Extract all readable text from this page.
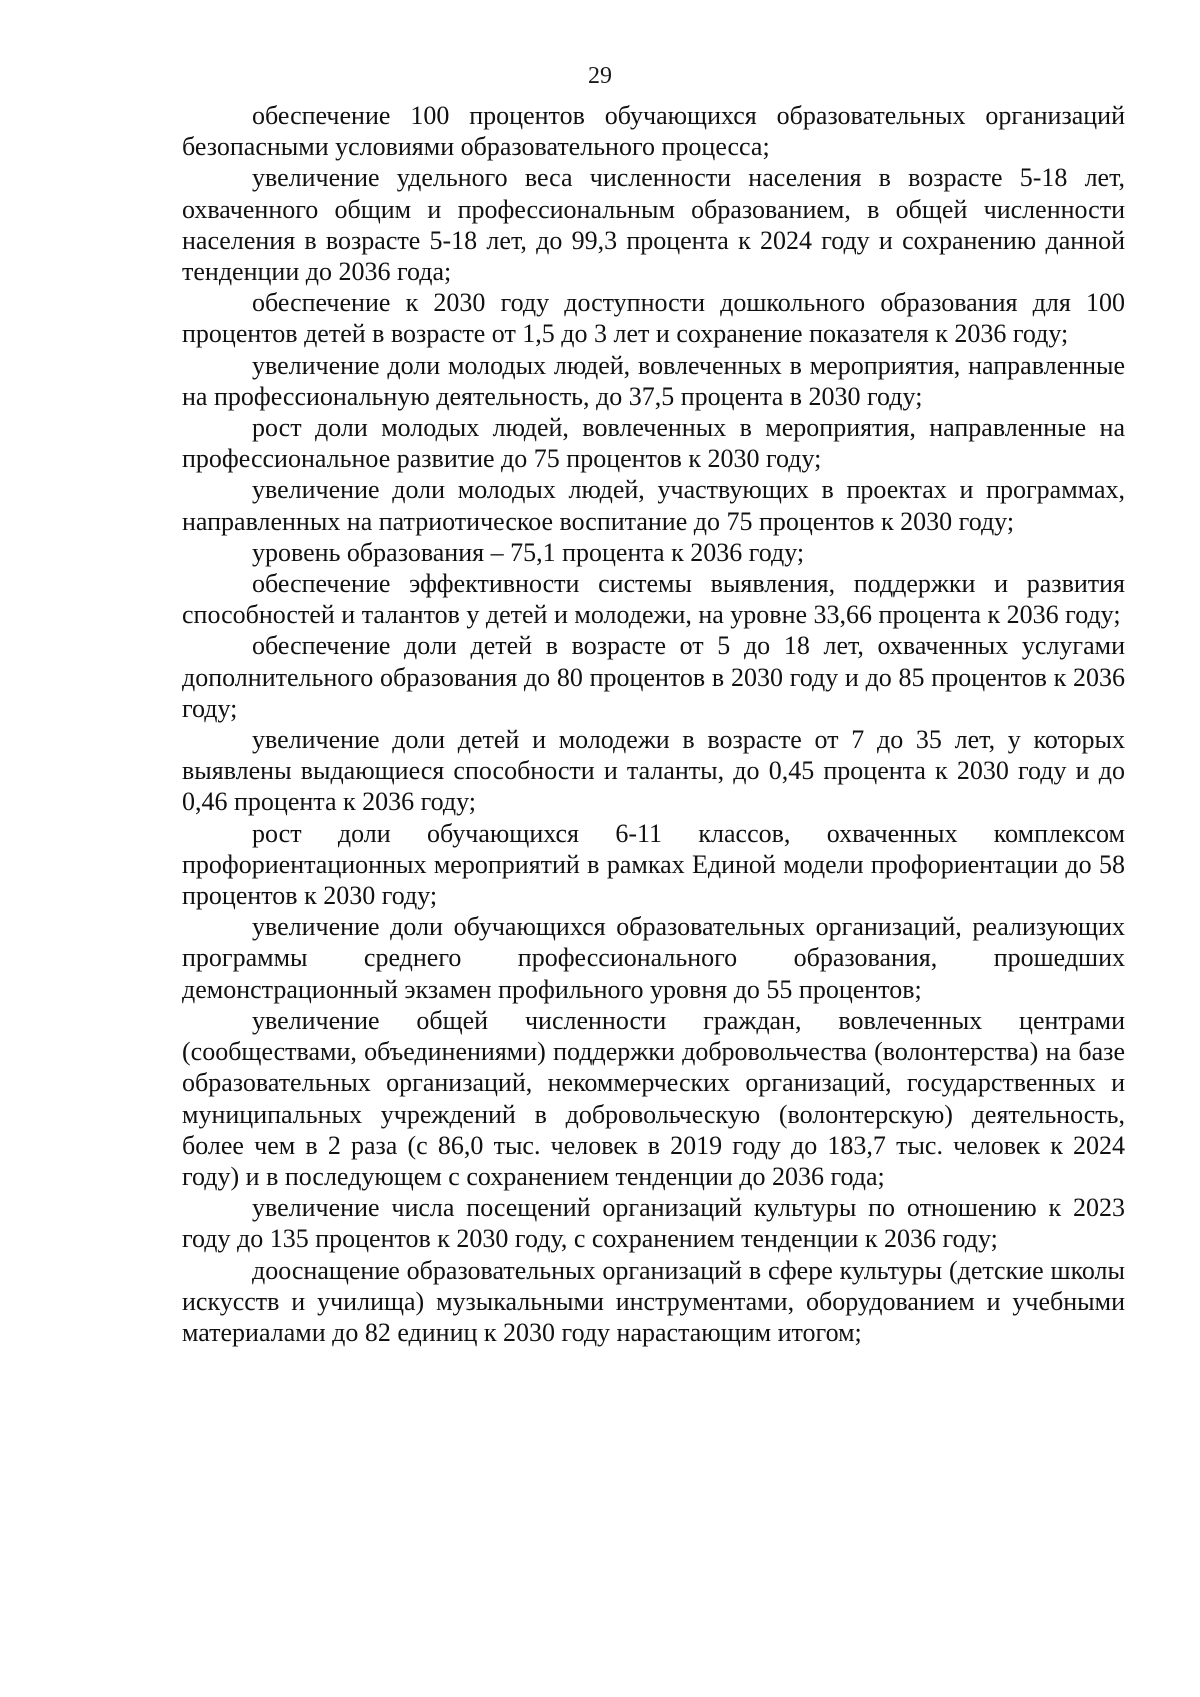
29

обеспечение 100 процентов обучающихся образовательных организаций безопасными условиями образовательного процесса;

увеличение удельного веса численности населения в возрасте 5-18 лет, охваченного общим и профессиональным образованием, в общей численности населения в возрасте 5-18 лет, до 99,3 процента к 2024 году и сохранению данной тенденции до 2036 года;

обеспечение к 2030 году доступности дошкольного образования для 100 процентов детей в возрасте от 1,5 до 3 лет и сохранение показателя к 2036 году;

увеличение доли молодых людей, вовлеченных в мероприятия, направленные на профессиональную деятельность, до 37,5 процента в 2030 году;

рост доли молодых людей, вовлеченных в мероприятия, направленные на профессиональное развитие до 75 процентов к 2030 году;

увеличение доли молодых людей, участвующих в проектах и программах, направленных на патриотическое воспитание до 75 процентов к 2030 году;

уровень образования – 75,1 процента к 2036 году;

обеспечение эффективности системы выявления, поддержки и развития способностей и талантов у детей и молодежи, на уровне 33,66 процента к 2036 году;

обеспечение доли детей в возрасте от 5 до 18 лет, охваченных услугами дополнительного образования до 80 процентов в 2030 году и до 85 процентов к 2036 году;

увеличение доли детей и молодежи в возрасте от 7 до 35 лет, у которых выявлены выдающиеся способности и таланты, до 0,45 процента к 2030 году и до 0,46 процента к 2036 году;

рост доли обучающихся 6-11 классов, охваченных комплексом профориентационных мероприятий в рамках Единой модели профориентации до 58 процентов к 2030 году;

увеличение доли обучающихся образовательных организаций, реализующих программы среднего профессионального образования, прошедших демонстрационный экзамен профильного уровня до 55 процентов;

увеличение общей численности граждан, вовлеченных центрами (сообществами, объединениями) поддержки добровольчества (волонтерства) на базе образовательных организаций, некоммерческих организаций, государственных и муниципальных учреждений в добровольческую (волонтерскую) деятельность, более чем в 2 раза (с 86,0 тыс. человек в 2019 году до 183,7 тыс. человек к 2024 году) и в последующем с сохранением тенденции до 2036 года;

увеличение числа посещений организаций культуры по отношению к 2023 году до 135 процентов к 2030 году, с сохранением тенденции к 2036 году;

дооснащение образовательных организаций в сфере культуры (детские школы искусств и училища) музыкальными инструментами, оборудованием и учебными материалами до 82 единиц к 2030 году нарастающим итогом;
